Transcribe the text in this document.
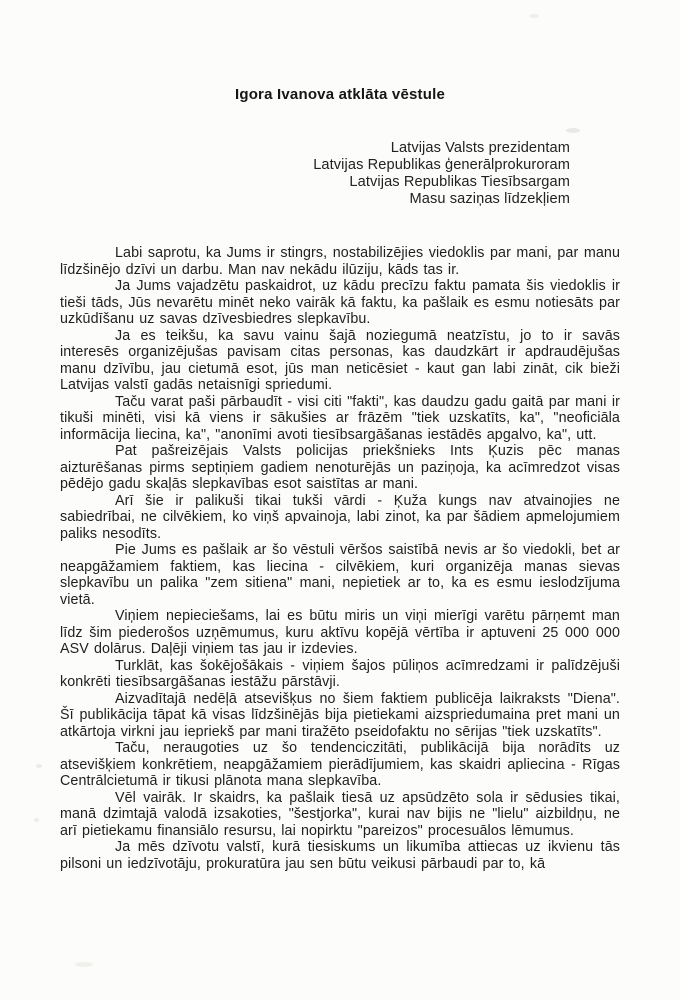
Igora Ivanova atklāta vēstule
Latvijas Valsts prezidentam
Latvijas Republikas ģenerālprokuroram
Latvijas Republikas Tiesībsargam
Masu saziņas līdzekļiem

Labi saprotu, ka Jums ir stingrs, nostabilizējies viedoklis par mani, par manu līdzšinējo dzīvi un darbu. Man nav nekādu ilūziju, kāds tas ir.

Ja Jums vajadzētu paskaidrot, uz kādu precīzu faktu pamata šis viedoklis ir tieši tāds, Jūs nevarētu minēt neko vairāk kā faktu, ka pašlaik es esmu notiesāts par uzkūdīšanu uz savas dzīvesbiedres slepkavību.

Ja es teikšu, ka savu vainu šajā noziegumā neatzīstu, jo to ir savās interesēs organizējušas pavisam citas personas, kas daudzkārt ir apdraudējušas manu dzīvību, jau cietumā esot, jūs man neticēsiet - kaut gan labi zināt, cik bieži Latvijas valstī gadās netaisnīgi spriedumi.

Taču varat paši pārbaudīt - visi citi "fakti", kas daudzu gadu gaitā par mani ir tikuši minēti, visi kā viens ir sākušies ar frāzēm "tiek uzskatīts, ka", "neoficiāla informācija liecina, ka", "anonīmi avoti tiesībsargāšanas iestādēs apgalvo, ka", utt.

Pat pašreizējais Valsts policijas priekšnieks Ints Ķuzis pēc manas aizturēšanas pirms septiņiem gadiem nenoturējās un paziņoja, ka acīmredzot visas pēdējo gadu skaļās slepkavības esot saistītas ar mani.

Arī šie ir palikuši tikai tukši vārdi - Ķuža kungs nav atvainojies ne sabiedrībai, ne cilvēkiem, ko viņš apvainoja, labi zinot, ka par šādiem apmelojumiem paliks nesodīts.

Pie Jums es pašlaik ar šo vēstuli vēršos saistībā nevis ar šo viedokli, bet ar neapgāžamiem faktiem, kas liecina - cilvēkiem, kuri organizēja manas sievas slepkavību un palika "zem sitiena" mani, nepietiek ar to, ka es esmu ieslodzījuma vietā.

Viņiem nepieciešams, lai es būtu miris un viņi mierīgi varētu pārņemt man līdz šim piederošos uzņēmumus, kuru aktīvu kopējā vērtība ir aptuveni 25 000 000 ASV dolārus. Daļēji viņiem tas jau ir izdevies.

Turklāt, kas šokējošākais - viņiem šajos pūliņos acīmredzami ir palīdzējuši konkrēti tiesībsargāšanas iestāžu pārstāvji.

Aizvadītajā nedēļā atsevišķus no šiem faktiem publicēja laikraksts "Diena". Šī publikācija tāpat kā visas līdzšinējās bija pietiekami aizspriedumaina pret mani un atkārtoja virkni jau iepriekš par mani tiražēto pseidofaktu no sērijas "tiek uzskatīts".

Taču, neraugoties uz šo tendenciczitāti, publikācijā bija norādīts uz atsevišķiem konkrētiem, neapgāžamiem pierādījumiem, kas skaidri apliecina - Rīgas Centrālcietumā ir tikusi plānota mana slepkavība.

Vēl vairāk. Ir skaidrs, ka pašlaik tiesā uz apsūdzēto sola ir sēdusies tikai, manā dzimtajā valodā izsakoties, "šestjorka", kurai nav bijis ne "lielu" aizbildņu, ne arī pietiekamu finansiālo resursu, lai nopirktu "pareizos" procesuālos lēmumus.

Ja mēs dzīvotu valstī, kurā tiesiskums un likumība attiecas uz ikvienu tās pilsoni un iedzīvotāju, prokuratūra jau sen būtu veikusi pārbaudi par to, kā
